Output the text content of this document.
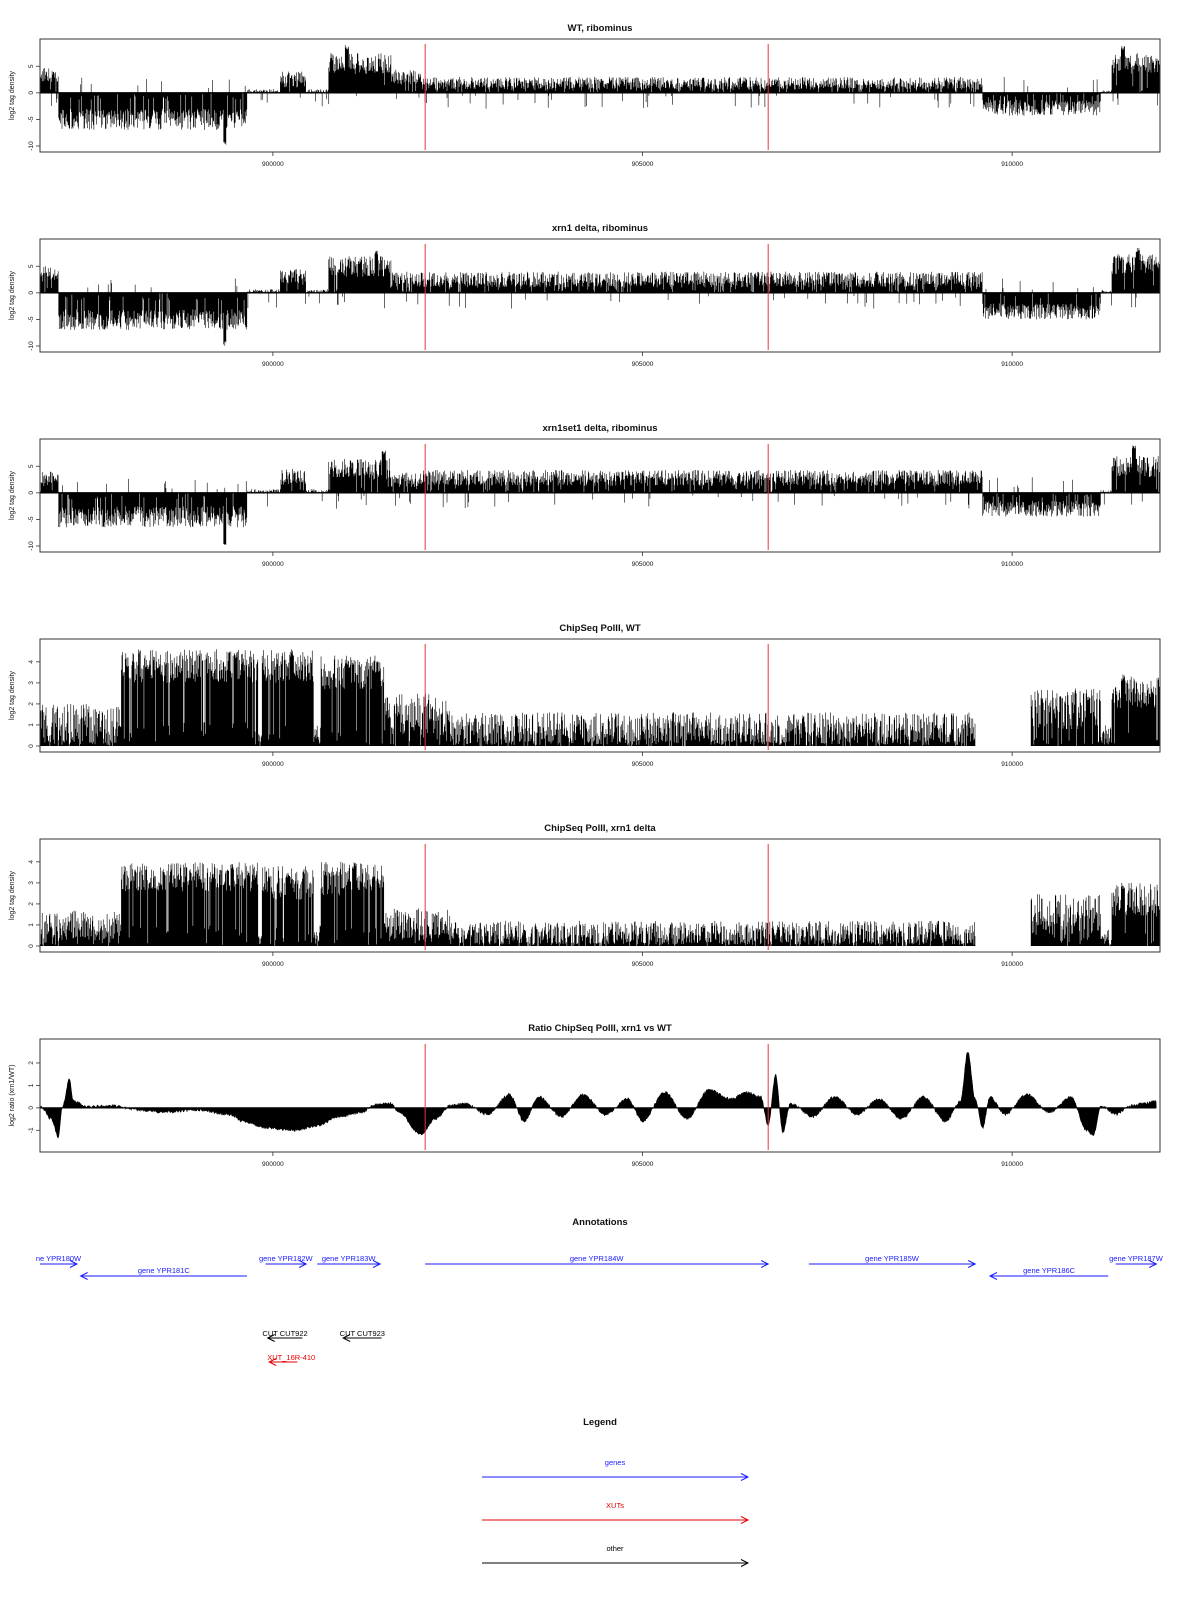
WT, ribominus
log2 tag density
-10
-5
0
5
900000	905000	910000
xrn1 delta, ribominus
log2 tag density
-10
-5
0
5
900000	905000	910000
xrn1set1 delta, ribominus
log2 tag density
-10
-5
0
5
900000	905000	910000
ChipSeq PolII, WT
log2 tag density
0
1
2
3
4
900000	905000	910000
ChipSeq PolII, xrn1 delta
log2 tag density
0
1
2
3
4
900000	905000	910000
Ratio ChipSeq PolII, xrn1 vs WT
log2 ratio (xrn1/WT)
-1
0
1
2
900000	905000	910000
Annotations
ne YPR180W
gene YPR181C
gene YPR182W gene YPR183W	gene YPR184W	gene YPR185W
gene YPR186C
gene YPR187W
CUT CUT922	CUT CUT923
XUT_16R-410
Legend
genes
XUTs
other
